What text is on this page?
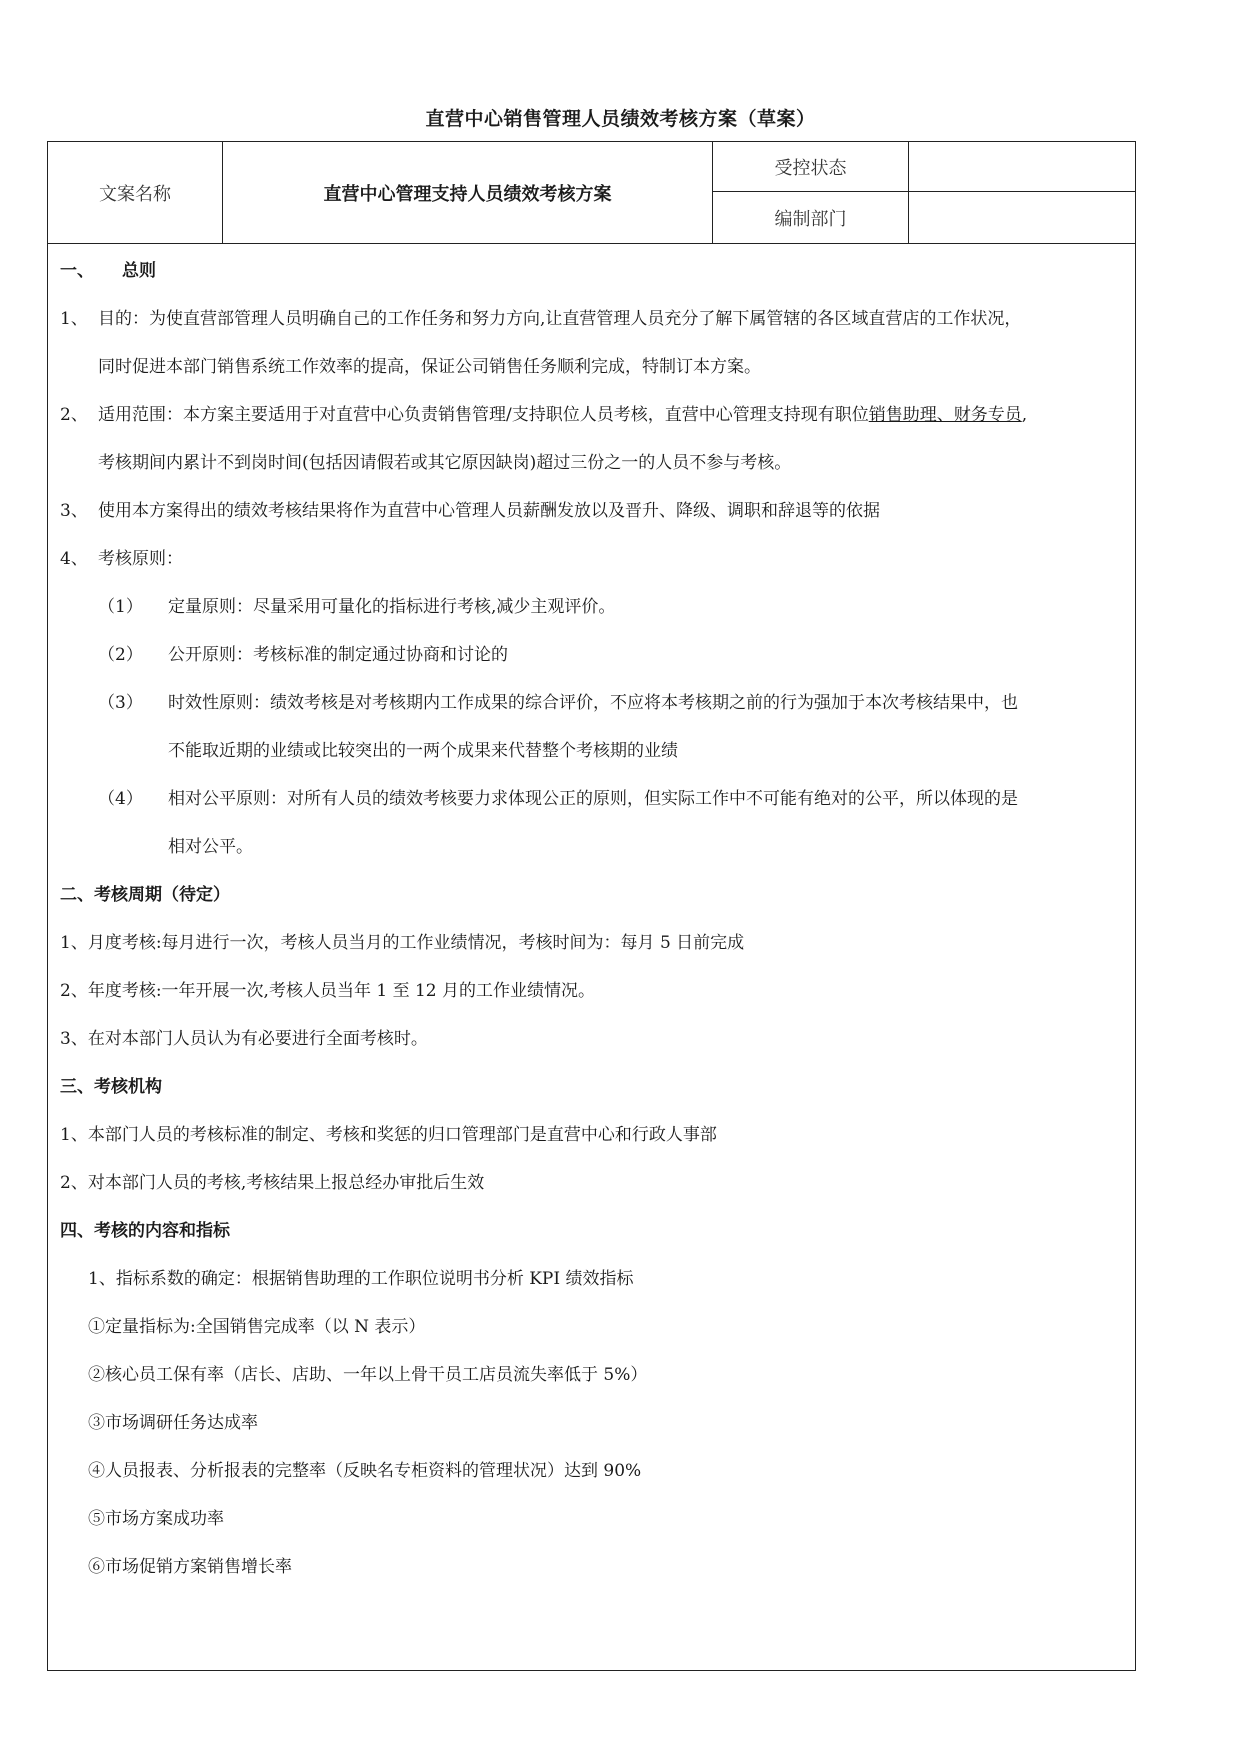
直营中心销售管理人员绩效考核方案（草案）
文案名称	直营中心管理支持人员绩效考核方案
受控状态
编制部门
一、 总则
1、 目的：为使直营部管理人员明确自己的工作任务和努力方向,让直营管理人员充分了解下属管辖的各区域直营店的工作状况，
同时促进本部门销售系统工作效率的提高，保证公司销售任务顺利完成，特制订本方案。
2、 适用范围：本方案主要适用于对直营中心负责销售管理/支持职位人员考核，直营中心管理支持现有职位销售助理、财务专员,
考核期间内累计不到岗时间(包括因请假若或其它原因缺岗)超过三份之一的人员不参与考核。
3、 使用本方案得出的绩效考核结果将作为直营中心管理人员薪酬发放以及晋升、降级、调职和辞退等的依据
4、 考核原则：
（1） 定量原则：尽量采用可量化的指标进行考核,减少主观评价。
（2） 公开原则：考核标准的制定通过协商和讨论的
（3） 时效性原则：绩效考核是对考核期内工作成果的综合评价，不应将本考核期之前的行为强加于本次考核结果中，也
不能取近期的业绩或比较突出的一两个成果来代替整个考核期的业绩
（4） 相对公平原则：对所有人员的绩效考核要力求体现公正的原则，但实际工作中不可能有绝对的公平，所以体现的是
相对公平。
二、考核周期（待定）
1、月度考核:每月进行一次，考核人员当月的工作业绩情况，考核时间为：每月 5 日前完成
2、年度考核:一年开展一次,考核人员当年 1 至 12 月的工作业绩情况。
3、在对本部门人员认为有必要进行全面考核时。
三、考核机构
1、本部门人员的考核标准的制定、考核和奖惩的归口管理部门是直营中心和行政人事部
2、对本部门人员的考核,考核结果上报总经办审批后生效
四、考核的内容和指标
1、指标系数的确定：根据销售助理的工作职位说明书分析 KPI 绩效指标
①定量指标为:全国销售完成率（以 N 表示）
②核心员工保有率（店长、店助、一年以上骨干员工店员流失率低于 5%）
③市场调研任务达成率
④人员报表、分析报表的完整率（反映名专柜资料的管理状况）达到 90%
⑤市场方案成功率
⑥市场促销方案销售增长率
